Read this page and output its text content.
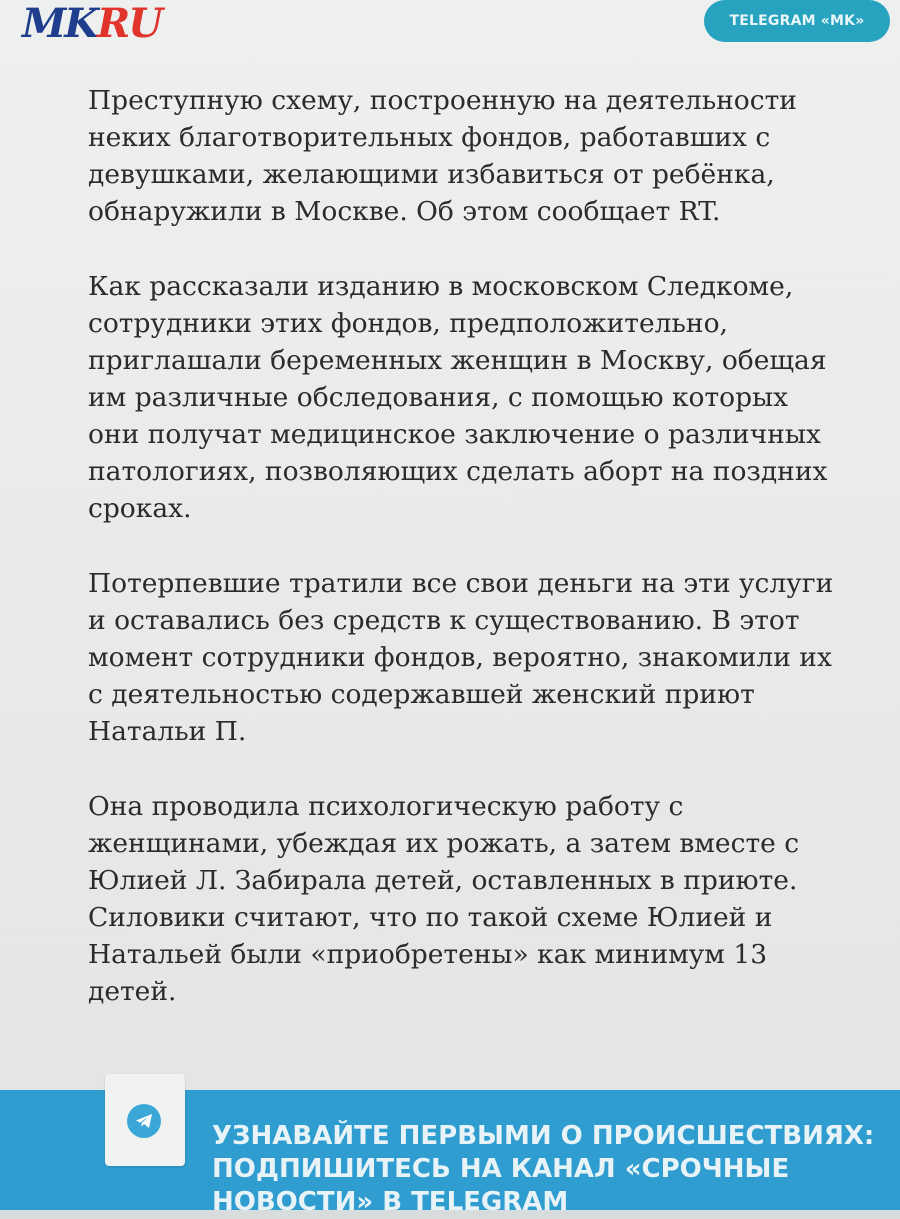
MKRU	TELEGRAM «MK»

Преступную схему, построенную на деятельности
неких благотворительных фондов, работавших с
девушками, желающими избавиться от ребёнка,
обнаружили в Москве. Об этом сообщает RT.

Как рассказали изданию в московском Следкоме,
сотрудники этих фондов, предположительно,
приглашали беременных женщин в Москву, обещая
им различные обследования, с помощью которых
они получат медицинское заключение о различных
патологиях, позволяющих сделать аборт на поздних
сроках.

Потерпевшие тратили все свои деньги на эти услуги
и оставались без средств к существованию. В этот
момент сотрудники фондов, вероятно, знакомили их
с деятельностью содержавшей женский приют
Натальи П.

Она проводила психологическую работу с
женщинами, убеждая их рожать, а затем вместе с
Юлией Л. Забирала детей, оставленных в приюте.
Силовики считают, что по такой схеме Юлией и
Натальей были «приобретены» как минимум 13
детей.

УЗНАВАЙТЕ ПЕРВЫМИ О ПРОИСШЕСТВИЯХ:
ПОДПИШИТЕСЬ НА КАНАЛ «СРОЧНЫЕ
НОВОСТИ» В TELEGRAM
